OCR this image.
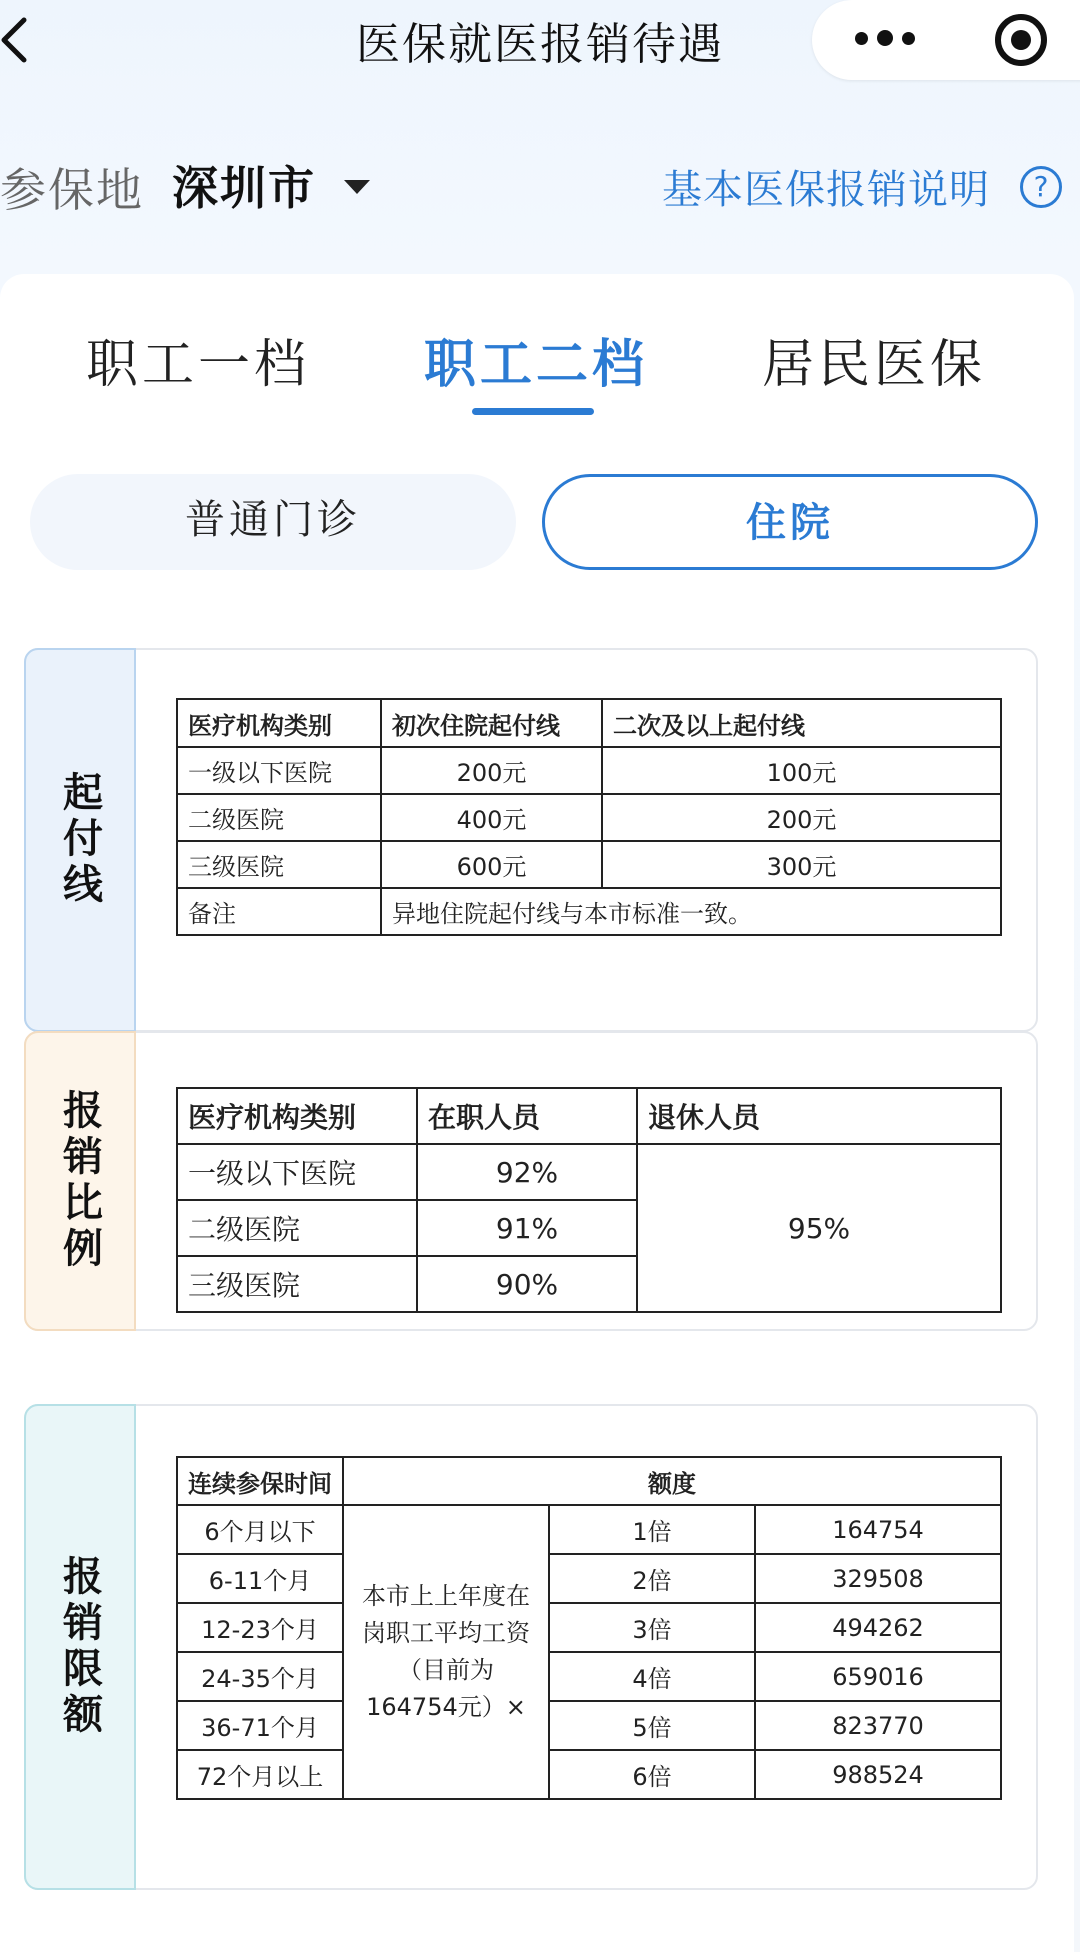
医保就医报销待遇
参保地 深圳市	基本医保报销说明	?
职工一档 职工二档 居民医保
普通门诊	住院
起付线
医疗机构类别	初次住院起付线	二次及以上起付线
一级以下医院	200元	100元
二级医院	400元	200元
三级医院	600元	300元
备注	异地住院起付线与本市标准一致。	
报销比例	医疗机构类别	在职人员	退休人员
一级以下医院	92%	95%
二级医院	91%	
三级医院	90%	
报销限额
连续参保时间	额度		
6个月以下	本市上上年度在岗职工平均工资（目前为164754元）×	1倍	164754
6-11个月		2倍	329508
12-23个月		3倍	494262
24-35个月		4倍	659016
36-71个月		5倍	823770
72个月以上		6倍	988524
